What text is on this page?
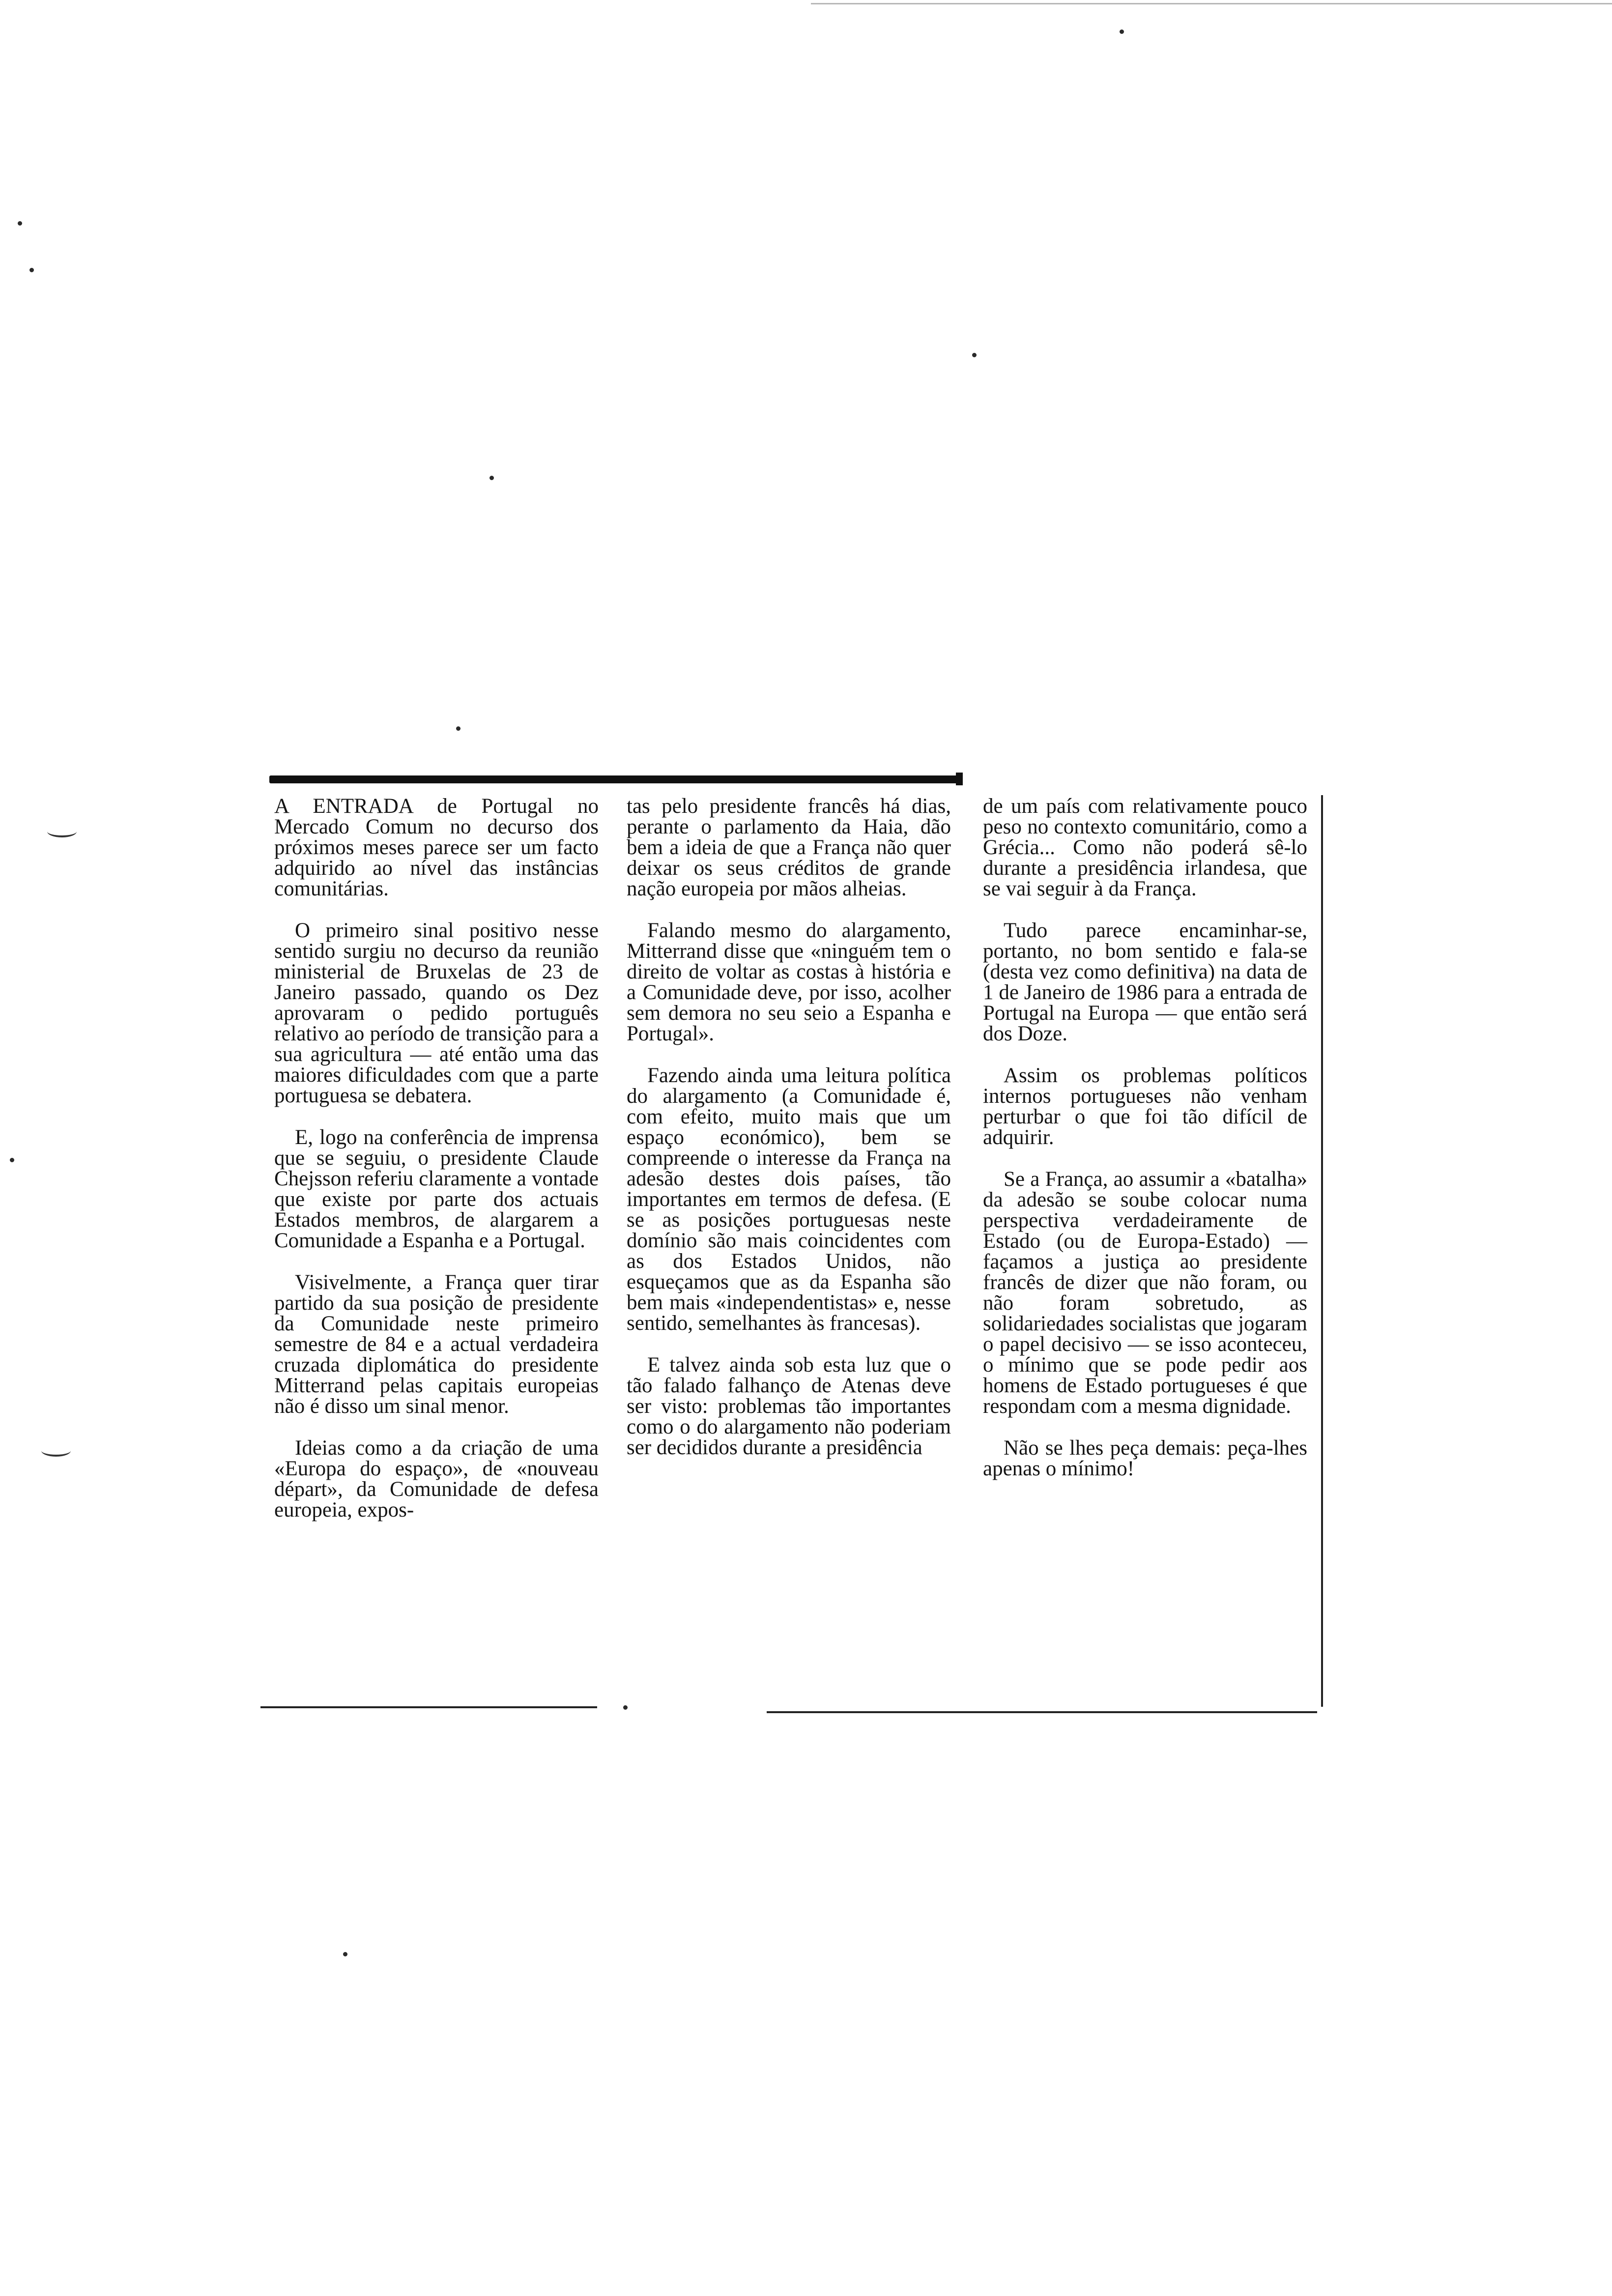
A ENTRADA de Portugal no Mercado Comum no decurso dos próximos meses parece ser um facto adquirido ao nível das instâncias comunitárias.

O primeiro sinal positivo nesse sentido surgiu no decurso da reunião ministerial de Bruxelas de 23 de Janeiro passado, quando os Dez aprovaram o pedido português relativo ao período de transição para a sua agricultura — até então uma das maiores dificuldades com que a parte portuguesa se debatera.

E, logo na conferência de imprensa que se seguiu, o presidente Claude Chejsson referiu claramente a vontade que existe por parte dos actuais Estados membros, de alargarem a Comunidade a Espanha e a Portugal.

Visivelmente, a França quer tirar partido da sua posição de presidente da Comunidade neste primeiro semestre de 84 e a actual verdadeira cruzada diplomática do presidente Mitterrand pelas capitais europeias não é disso um sinal menor.

Ideias como a da criação de uma «Europa do espaço», de «nouveau départ», da Comunidade de defesa europeia, expos-

tas pelo presidente francês há dias, perante o parlamento da Haia, dão bem a ideia de que a França não quer deixar os seus créditos de grande nação europeia por mãos alheias.

Falando mesmo do alargamento, Mitterrand disse que «ninguém tem o direito de voltar as costas à história e a Comunidade deve, por isso, acolher sem demora no seu seio a Espanha e Portugal».

Fazendo ainda uma leitura política do alargamento (a Comunidade é, com efeito, muito mais que um espaço económico), bem se compreende o interesse da França na adesão destes dois países, tão importantes em termos de defesa. (E se as posições portuguesas neste domínio são mais coincidentes com as dos Estados Unidos, não esqueçamos que as da Espanha são bem mais «independentistas» e, nesse sentido, semelhantes às francesas).

E talvez ainda sob esta luz que o tão falado falhanço de Atenas deve ser visto: problemas tão importantes como o do alargamento não poderiam ser decididos durante a presidência

de um país com relativamente pouco peso no contexto comunitário, como a Grécia... Como não poderá sê-lo durante a presidência irlandesa, que se vai seguir à da França.

Tudo parece encaminhar-se, portanto, no bom sentido e fala-se (desta vez como definitiva) na data de 1 de Janeiro de 1986 para a entrada de Portugal na Europa — que então será dos Doze.

Assim os problemas políticos internos portugueses não venham perturbar o que foi tão difícil de adquirir.

Se a França, ao assumir a «batalha» da adesão se soube colocar numa perspectiva verdadeiramente de Estado (ou de Europa-Estado) — façamos a justiça ao presidente francês de dizer que não foram, ou não foram sobretudo, as solidariedades socialistas que jogaram o papel decisivo — se isso aconteceu, o mínimo que se pode pedir aos homens de Estado portugueses é que respondam com a mesma dignidade.

Não se lhes peça demais: peça-lhes apenas o mínimo!
